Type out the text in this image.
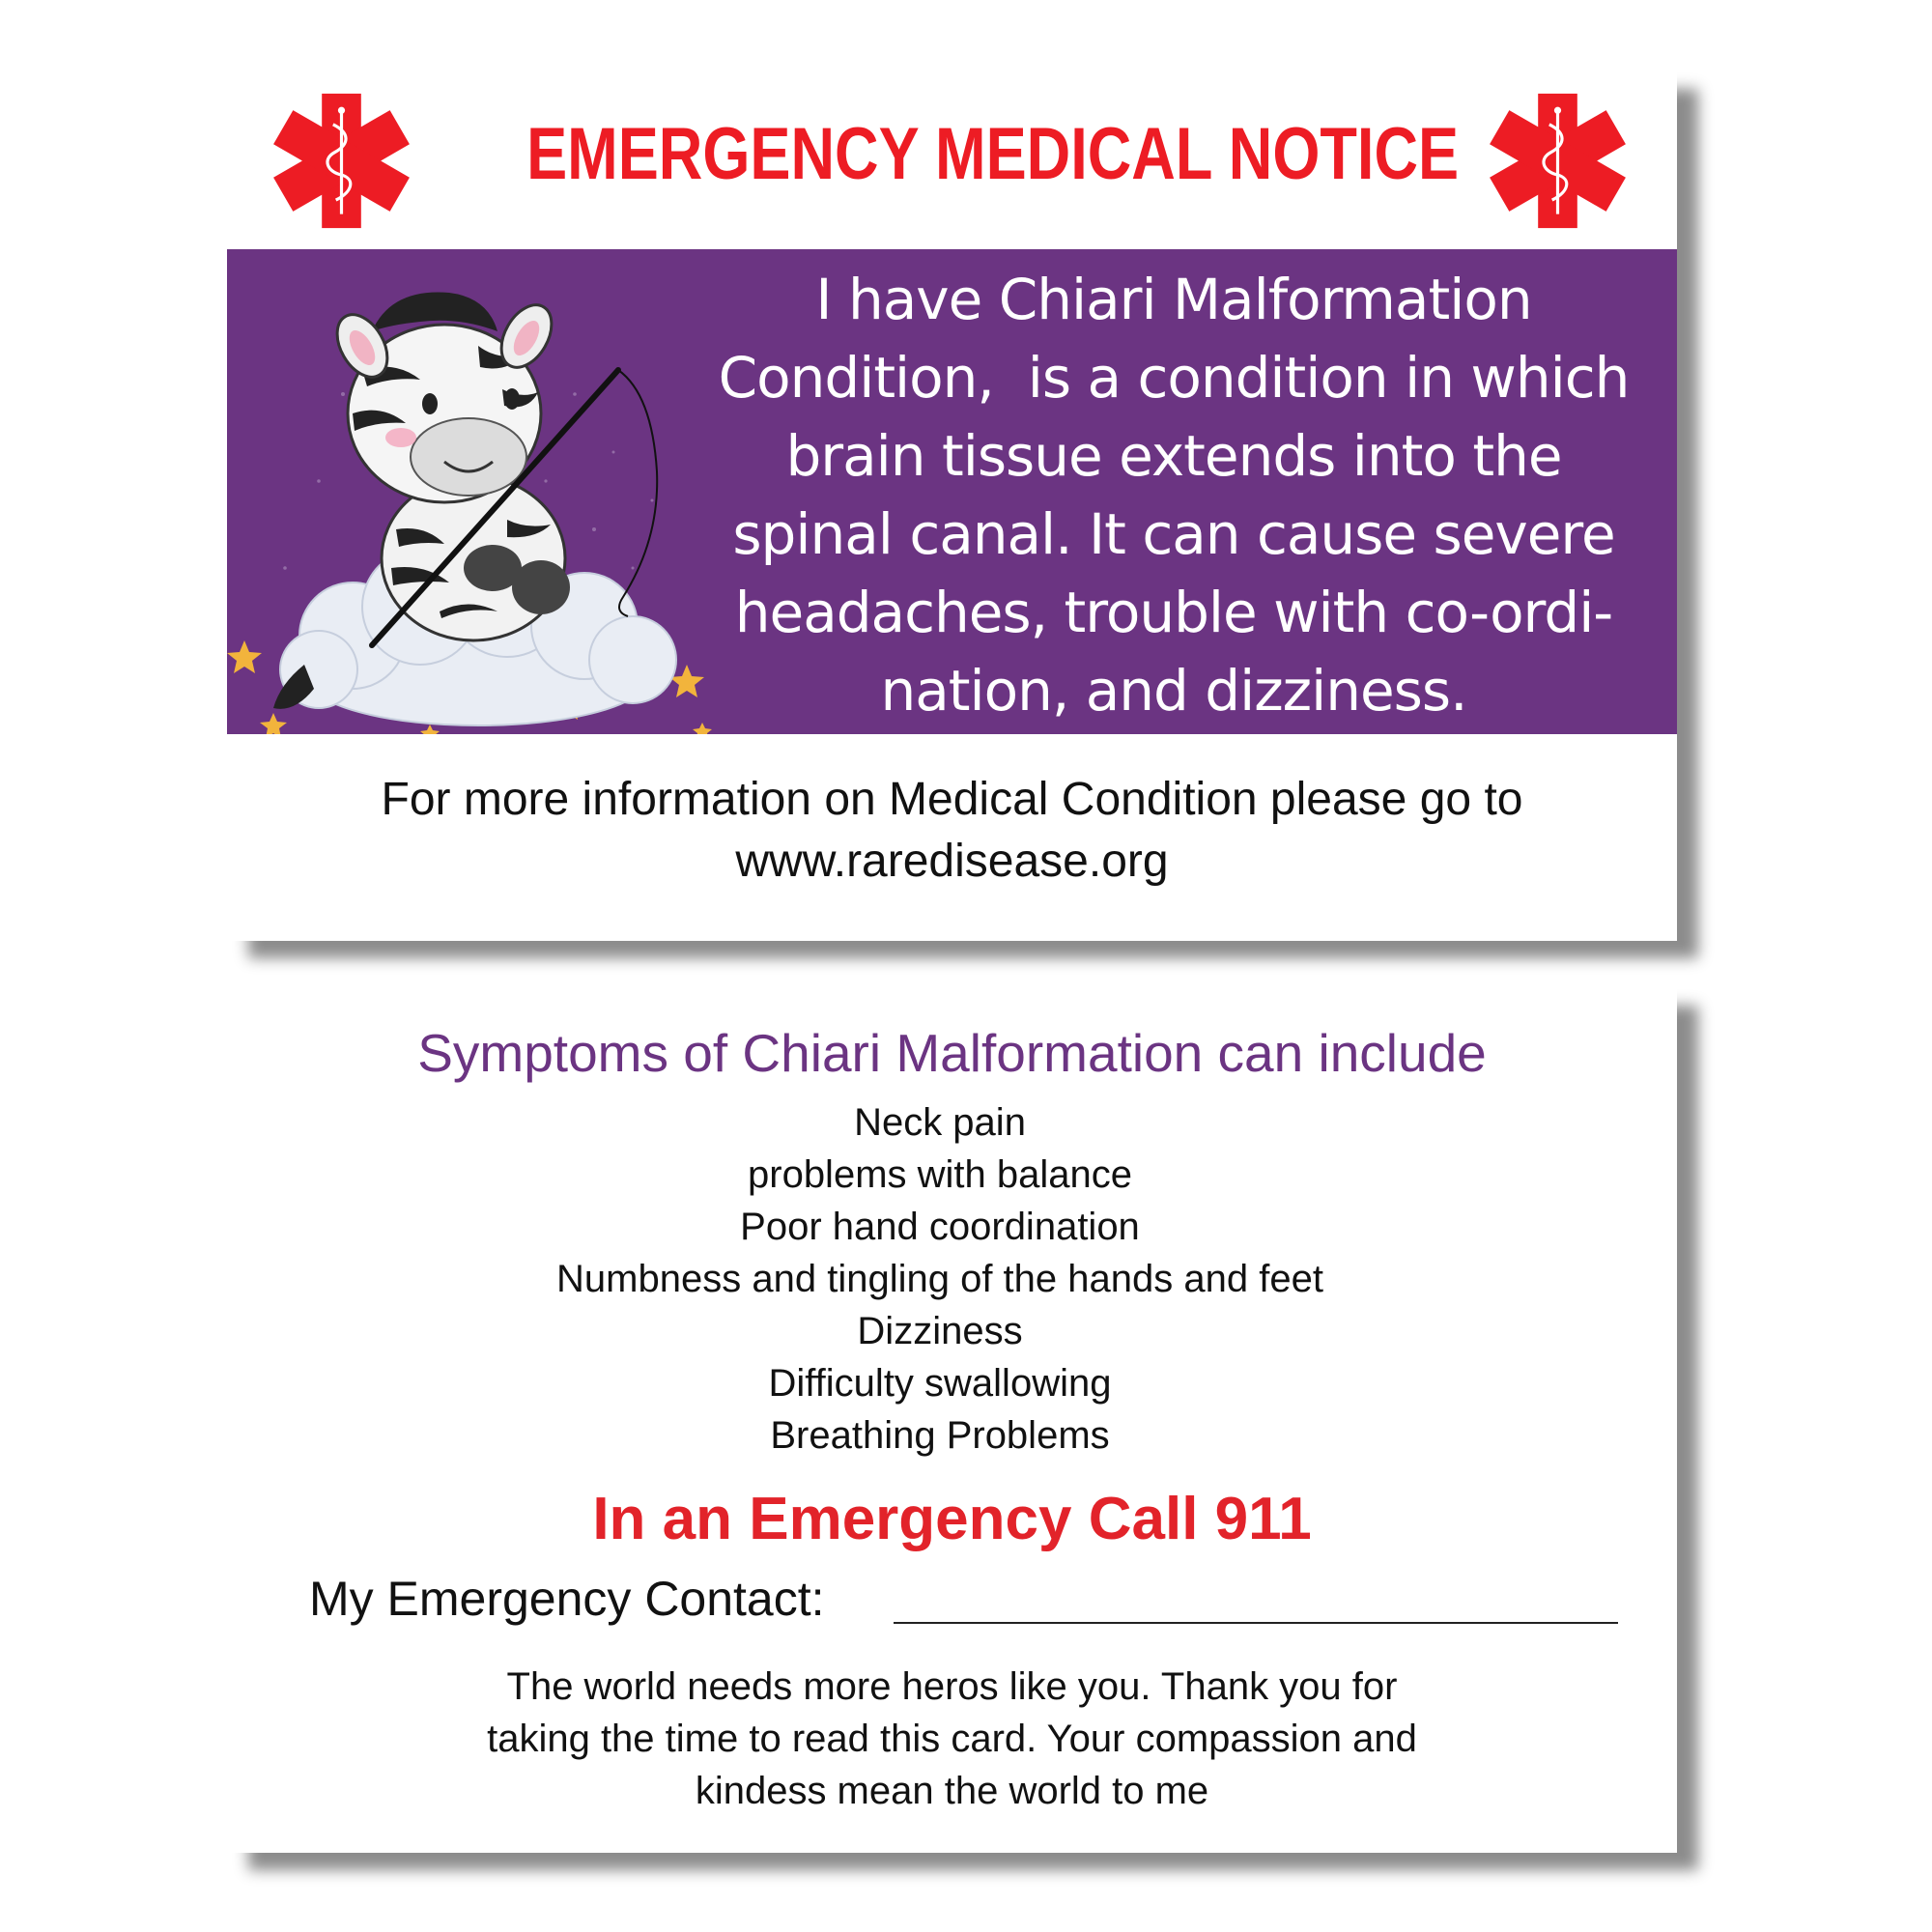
EMERGENCY MEDICAL NOTICE
I have Chiari Malformation
Condition,  is a condition in which
brain tissue extends into the
spinal canal. It can cause severe
headaches, trouble with co-ordi-
nation, and dizziness.
For more information on Medical Condition please go to
www.raredisease.org
Symptoms of Chiari Malformation can include
Neck pain
problems with balance
Poor hand coordination
Numbness and tingling of the hands and feet
Dizziness
Difficulty swallowing
Breathing Problems
In an Emergency Call 911
My Emergency Contact:
The world needs more heros like you. Thank you for
taking the time to read this card. Your compassion and
kindess mean the world to me
